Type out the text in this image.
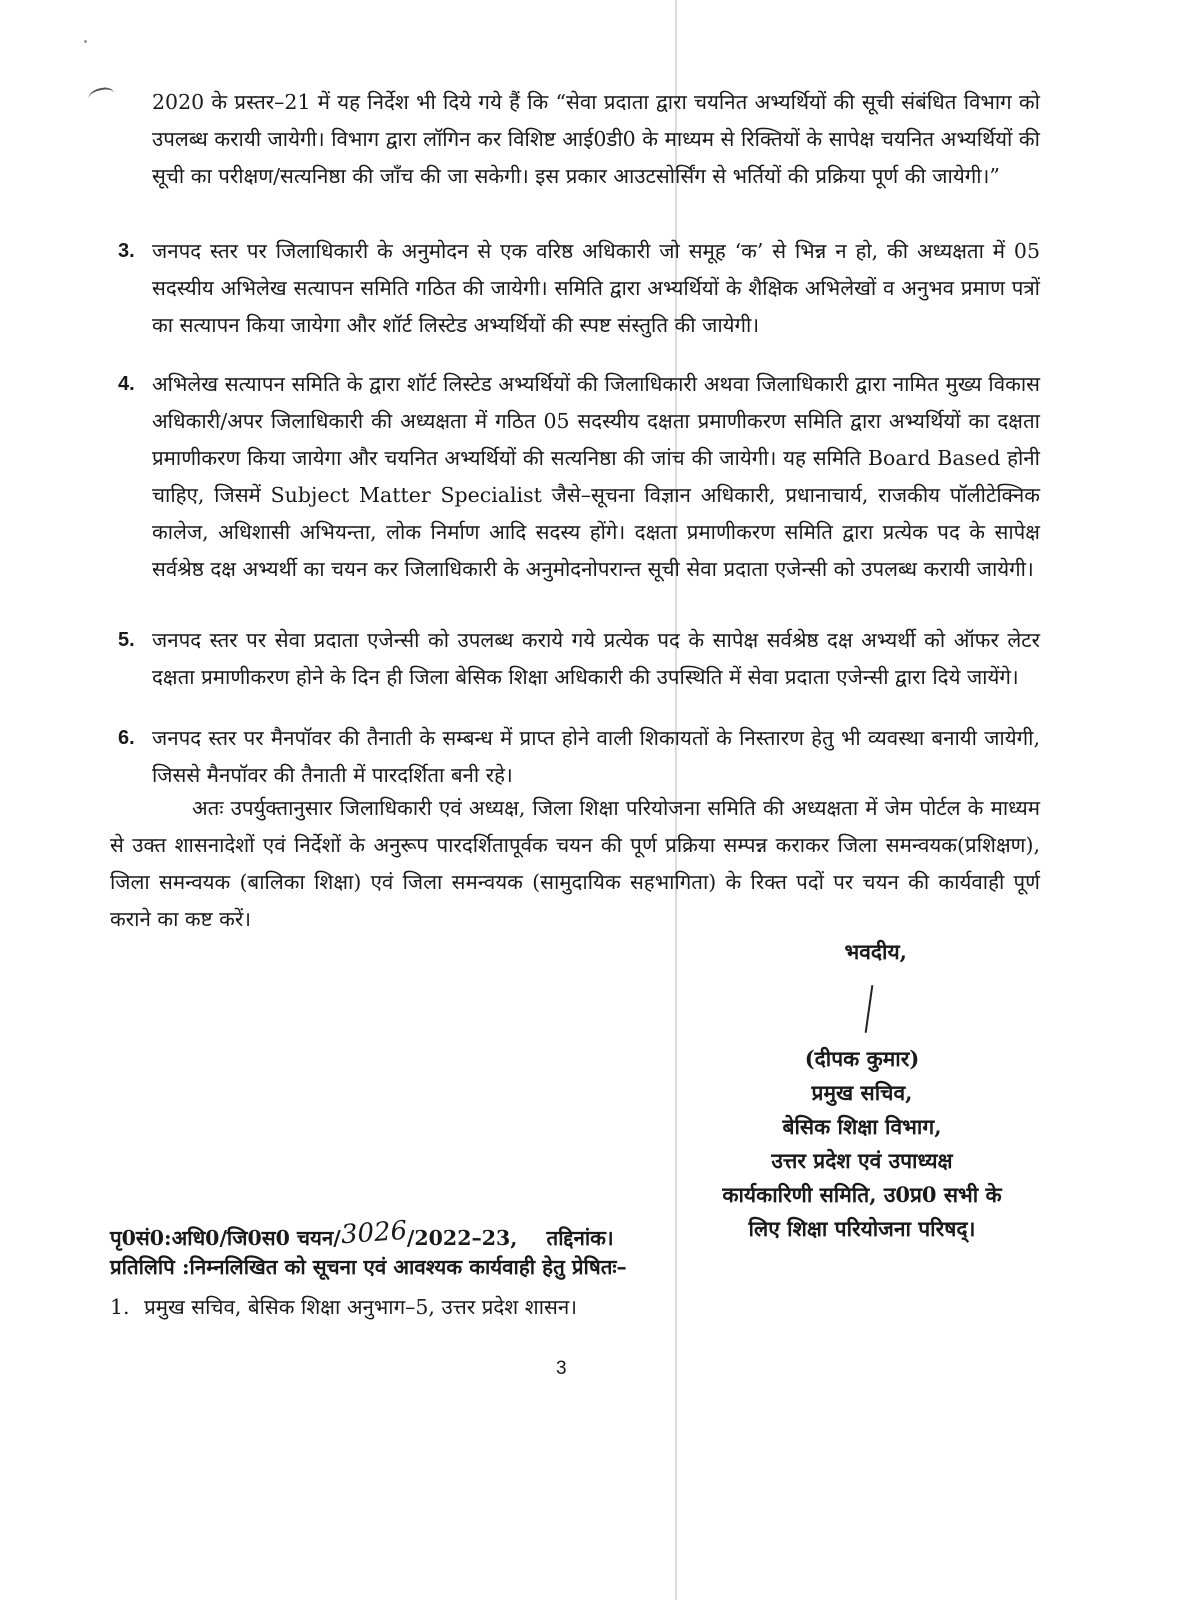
2020 के प्रस्तर–21 में यह निर्देश भी दिये गये हैं कि “सेवा प्रदाता द्वारा चयनित अभ्यर्थियों की सूची संबंधित विभाग को उपलब्ध करायी जायेगी। विभाग द्वारा लॉगिन कर विशिष्ट आई0डी0 के माध्यम से रिक्तियों के सापेक्ष चयनित अभ्यर्थियों की सूची का परीक्षण/सत्यनिष्ठा की जाँच की जा सकेगी। इस प्रकार आउटसोर्सिंग से भर्तियों की प्रक्रिया पूर्ण की जायेगी।”

3. जनपद स्तर पर जिलाधिकारी के अनुमोदन से एक वरिष्ठ अधिकारी जो समूह ‘क’ से भिन्न न हो, की अध्यक्षता में 05 सदस्यीय अभिलेख सत्यापन समिति गठित की जायेगी। समिति द्वारा अभ्यर्थियों के शैक्षिक अभिलेखों व अनुभव प्रमाण पत्रों का सत्यापन किया जायेगा और शॉर्ट लिस्टेड अभ्यर्थियों की स्पष्ट संस्तुति की जायेगी।

4. अभिलेख सत्यापन समिति के द्वारा शॉर्ट लिस्टेड अभ्यर्थियों की जिलाधिकारी अथवा जिलाधिकारी द्वारा नामित मुख्य विकास अधिकारी/अपर जिलाधिकारी की अध्यक्षता में गठित 05 सदस्यीय दक्षता प्रमाणीकरण समिति द्वारा अभ्यर्थियों का दक्षता प्रमाणीकरण किया जायेगा और चयनित अभ्यर्थियों की सत्यनिष्ठा की जांच की जायेगी। यह समिति Board Based होनी चाहिए, जिसमें Subject Matter Specialist जैसे–सूचना विज्ञान अधिकारी, प्रधानाचार्य, राजकीय पॉलीटेक्निक कालेज, अधिशासी अभियन्ता, लोक निर्माण आदि सदस्य होंगे। दक्षता प्रमाणीकरण समिति द्वारा प्रत्येक पद के सापेक्ष सर्वश्रेष्ठ दक्ष अभ्यर्थी का चयन कर जिलाधिकारी के अनुमोदनोपरान्त सूची सेवा प्रदाता एजेन्सी को उपलब्ध करायी जायेगी।

5. जनपद स्तर पर सेवा प्रदाता एजेन्सी को उपलब्ध कराये गये प्रत्येक पद के सापेक्ष सर्वश्रेष्ठ दक्ष अभ्यर्थी को ऑफर लेटर दक्षता प्रमाणीकरण होने के दिन ही जिला बेसिक शिक्षा अधिकारी की उपस्थिति में सेवा प्रदाता एजेन्सी द्वारा दिये जायेंगे।

6. जनपद स्तर पर मैनपॉवर की तैनाती के सम्बन्ध में प्राप्त होने वाली शिकायतों के निस्तारण हेतु भी व्यवस्था बनायी जायेगी, जिससे मैनपॉवर की तैनाती में पारदर्शिता बनी रहे।

अतः उपर्युक्तानुसार जिलाधिकारी एवं अध्यक्ष, जिला शिक्षा परियोजना समिति की अध्यक्षता में जेम पोर्टल के माध्यम से उक्त शासनादेशों एवं निर्देशों के अनुरूप पारदर्शितापूर्वक चयन की पूर्ण प्रक्रिया सम्पन्न कराकर जिला समन्वयक(प्रशिक्षण), जिला समन्वयक (बालिका शिक्षा) एवं जिला समन्वयक (सामुदायिक सहभागिता) के रिक्त पदों पर चयन की कार्यवाही पूर्ण कराने का कष्ट करें।

भवदीय,
(दीपक कुमार)
प्रमुख सचिव,
बेसिक शिक्षा विभाग,
उत्तर प्रदेश एवं उपाध्यक्ष
कार्यकारिणी समिति, उ0प्र0 सभी के
लिए शिक्षा परियोजना परिषद्।
पृ0सं0:अधि0/जि0स0 चयन/3026/2022–23, तद्दिनांक।
प्रतिलिपि :निम्नलिखित को सूचना एवं आवश्यक कार्यवाही हेतु प्रेषितः–
1. प्रमुख सचिव, बेसिक शिक्षा अनुभाग–5, उत्तर प्रदेश शासन।
3
